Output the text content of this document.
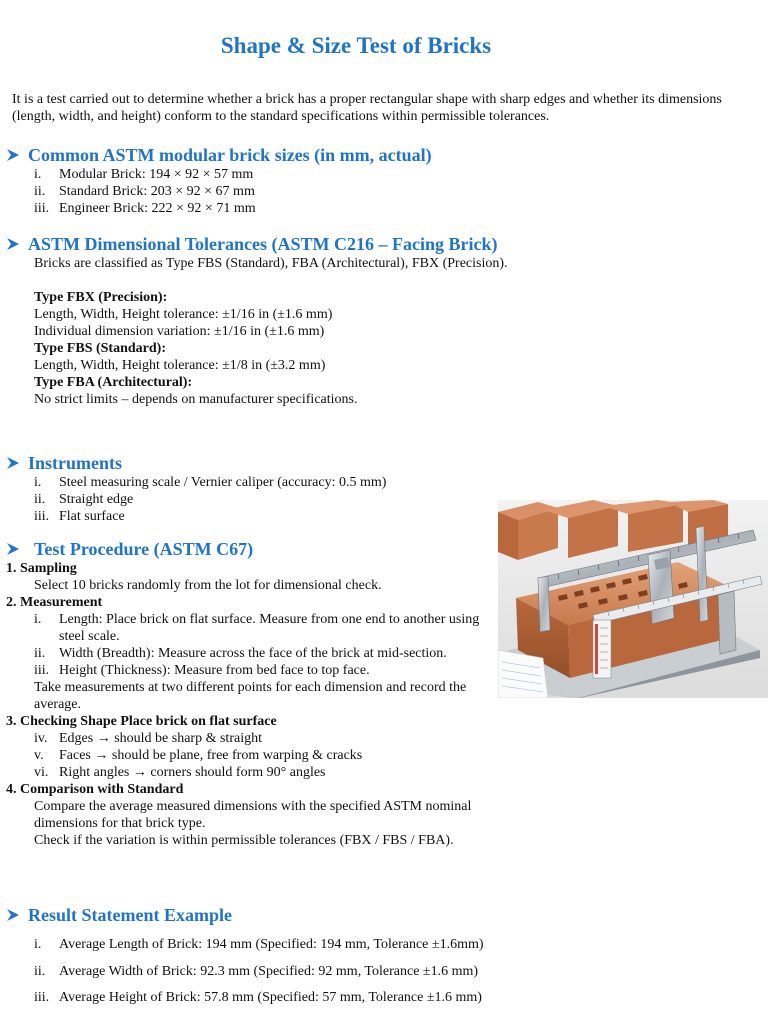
Shape & Size Test of Bricks
It is a test carried out to determine whether a brick has a proper rectangular shape with sharp edges and whether its dimensions (length, width, and height) conform to the standard specifications within permissible tolerances.
Common ASTM modular brick sizes (in mm, actual)
i.	Modular Brick: 194 × 92 × 57 mm
ii. Standard Brick: 203 × 92 × 67 mm
iii. Engineer Brick: 222 × 92 × 71 mm
ASTM Dimensional Tolerances (ASTM C216 – Facing Brick)
Bricks are classified as Type FBS (Standard), FBA (Architectural), FBX (Precision).
Type FBX (Precision):
Length, Width, Height tolerance: ±1/16 in (±1.6 mm)
Individual dimension variation: ±1/16 in (±1.6 mm)
Type FBS (Standard):
Length, Width, Height tolerance: ±1/8 in (±3.2 mm)
Type FBA (Architectural):
No strict limits – depends on manufacturer specifications.
Instruments
i.	Steel measuring scale / Vernier caliper (accuracy: 0.5 mm)
ii. Straight edge
iii. Flat surface
Test Procedure (ASTM C67)
1. Sampling
Select 10 bricks randomly from the lot for dimensional check.
2. Measurement
i.	Length: Place brick on flat surface. Measure from one end to another using steel scale.
ii. Width (Breadth): Measure across the face of the brick at mid-section.
iii. Height (Thickness): Measure from bed face to top face.
Take measurements at two different points for each dimension and record the average.
3. Checking Shape Place brick on flat surface
iv. Edges → should be sharp & straight
v.	Faces → should be plane, free from warping & cracks
vi. Right angles → corners should form 90° angles
4. Comparison with Standard
Compare the average measured dimensions with the specified ASTM nominal dimensions for that brick type.
Check if the variation is within permissible tolerances (FBX / FBS / FBA).
Result Statement Example
i.	Average Length of Brick: 194 mm (Specified: 194 mm, Tolerance ±1.6mm)
ii. Average Width of Brick: 92.3 mm (Specified: 92 mm, Tolerance ±1.6 mm)
iii. Average Height of Brick: 57.8 mm (Specified: 57 mm, Tolerance ±1.6 mm)
